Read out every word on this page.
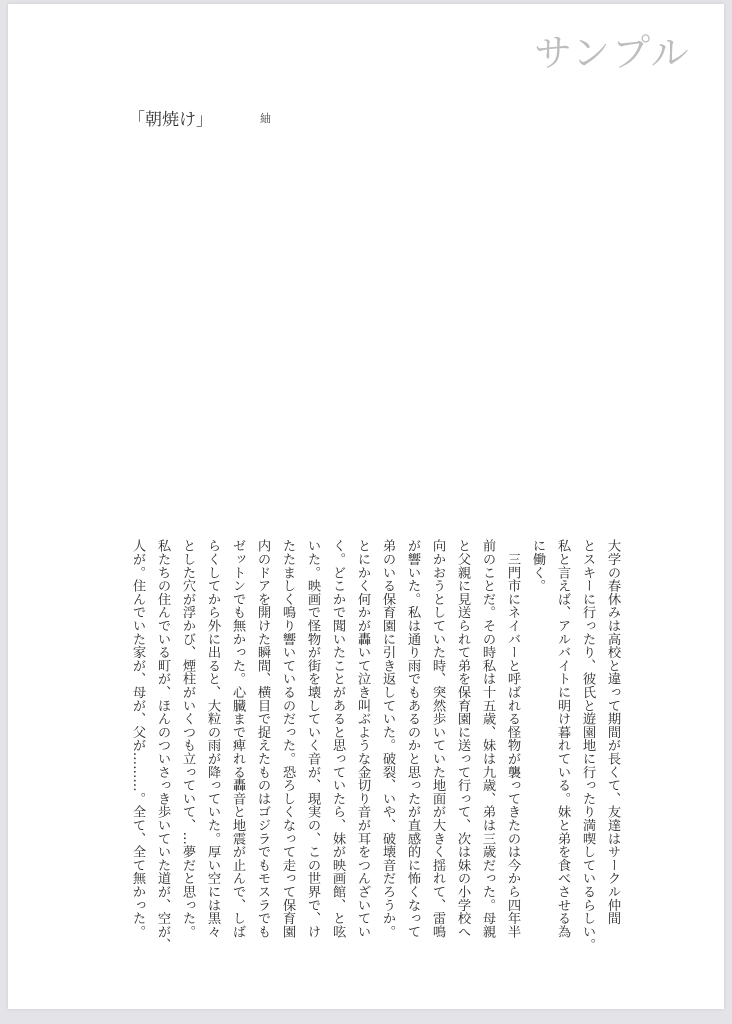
サンプル
「朝焼け」	紬
大学の春休みは高校と違って期間が長くて、友達はサークル仲間
とスキーに行ったり、彼氏と遊園地に行ったり満喫しているらしい。
私と言えば、アルバイトに明け暮れている。妹と弟を食べさせる為
に働く。
　三門市にネイバーと呼ばれる怪物が襲ってきたのは今から四年半
前のことだ。その時私は十五歳、妹は九歳、弟は三歳だった。母親
と父親に見送られて弟を保育園に送って行って、次は妹の小学校へ
向かおうとしていた時、突然歩いていた地面が大きく揺れて、雷鳴
が響いた。私は通り雨でもあるのかと思ったが直感的に怖くなって
弟のいる保育園に引き返していた。破裂、いや、破壊音だろうか。
とにかく何かが轟いて泣き叫ぶような金切り音が耳をつんざいてい
く。どこかで聞いたことがあると思っていたら、妹が映画館、と呟
いた。映画で怪物が街を壊していく音が、現実の、この世界で、け
たたましく鳴り響いているのだった。恐ろしくなって走って保育園
内のドアを開けた瞬間、横目で捉えたものはゴジラでもモスラでも
ゼットンでも無かった。心臓まで痺れる轟音と地震が止んで、しば
らくしてから外に出ると、大粒の雨が降っていた。厚い空には黒々
とした穴が浮かび、煙柱がいくつも立っていて、…夢だと思った。
私たちの住んでいる町が、ほんのついさっき歩いていた道が、空が、
人が。住んでいた家が、母が、父が………。全て、全て無かった。
